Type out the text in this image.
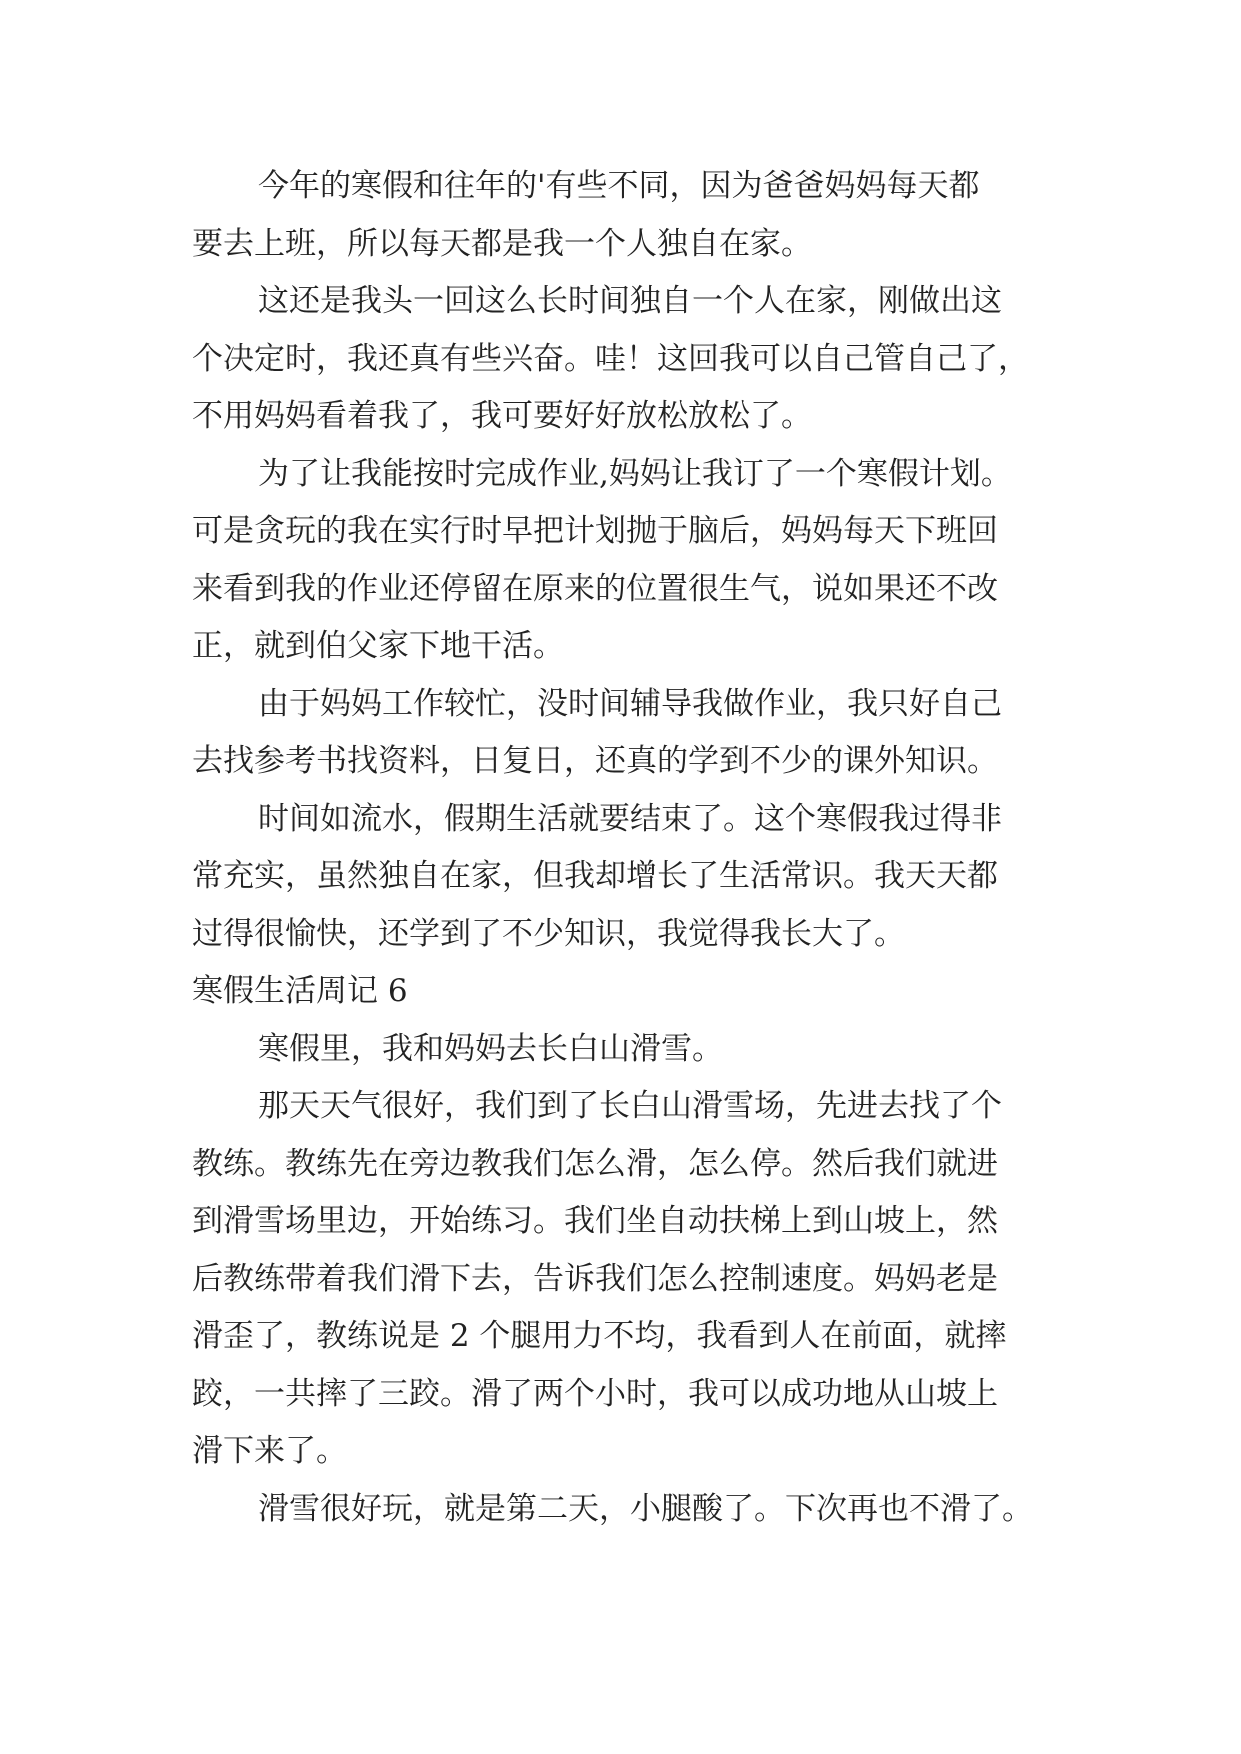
今年的寒假和往年的'有些不同，因为爸爸妈妈每天都
要去上班，所以每天都是我一个人独自在家。
这还是我头一回这么长时间独自一个人在家，刚做出这
个决定时，我还真有些兴奋。哇！这回我可以自己管自己了，
不用妈妈看着我了，我可要好好放松放松了。
为了让我能按时完成作业,妈妈让我订了一个寒假计划。
可是贪玩的我在实行时早把计划抛于脑后，妈妈每天下班回
来看到我的作业还停留在原来的位置很生气，说如果还不改
正，就到伯父家下地干活。
由于妈妈工作较忙，没时间辅导我做作业，我只好自己
去找参考书找资料，日复日，还真的学到不少的课外知识。
时间如流水，假期生活就要结束了。这个寒假我过得非
常充实，虽然独自在家，但我却增长了生活常识。我天天都
过得很愉快，还学到了不少知识，我觉得我长大了。
寒假生活周记 6
寒假里，我和妈妈去长白山滑雪。
那天天气很好，我们到了长白山滑雪场，先进去找了个
教练。教练先在旁边教我们怎么滑，怎么停。然后我们就进
到滑雪场里边，开始练习。我们坐自动扶梯上到山坡上，然
后教练带着我们滑下去，告诉我们怎么控制速度。妈妈老是
滑歪了，教练说是 2 个腿用力不均，我看到人在前面，就摔
跤，一共摔了三跤。滑了两个小时，我可以成功地从山坡上
滑下来了。
滑雪很好玩，就是第二天，小腿酸了。下次再也不滑了。
